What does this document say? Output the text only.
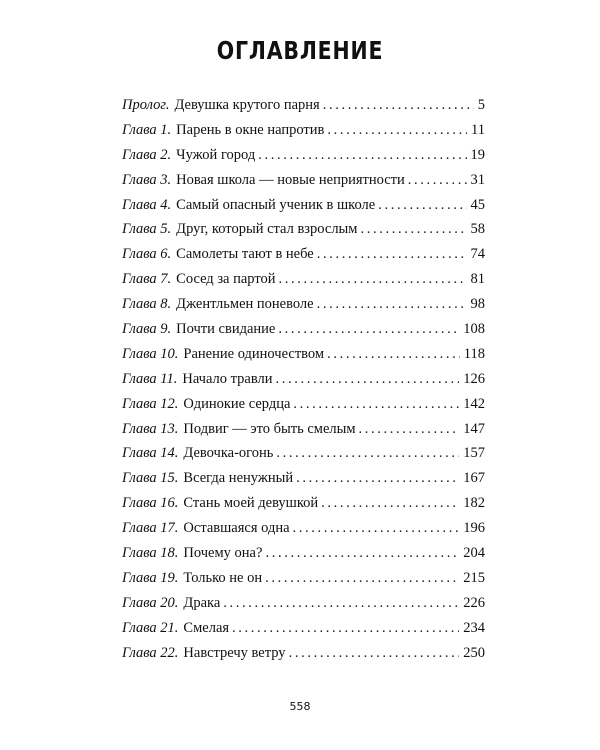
ОГЛАВЛЕНИЕ
Пролог. Девушка крутого парня . . .	5
Глава 1. Парень в окне напротив . . .	11
Глава 2. Чужой город . . .	19
Глава 3. Новая школа — новые неприятности . . .	31
Глава 4. Самый опасный ученик в школе . . .	45
Глава 5. Друг, который стал взрослым . . .	58
Глава 6. Самолеты тают в небе . . .	74
Глава 7. Сосед за партой . . .	81
Глава 8. Джентльмен поневоле . . .	98
Глава 9. Почти свидание . . .	108
Глава 10. Ранение одиночеством . . .	118
Глава 11. Начало травли . . .	126
Глава 12. Одинокие сердца . . .	142
Глава 13. Подвиг — это быть смелым . . .	147
Глава 14. Девочка-огонь . . .	157
Глава 15. Всегда ненужный . . .	167
Глава 16. Стань моей девушкой . . .	182
Глава 17. Оставшаяся одна . . .	196
Глава 18. Почему она? . . .	204
Глава 19. Только не он . . .	215
Глава 20. Драка . . .	226
Глава 21. Смелая . . .	234
Глава 22. Навстречу ветру . . .	250
558
